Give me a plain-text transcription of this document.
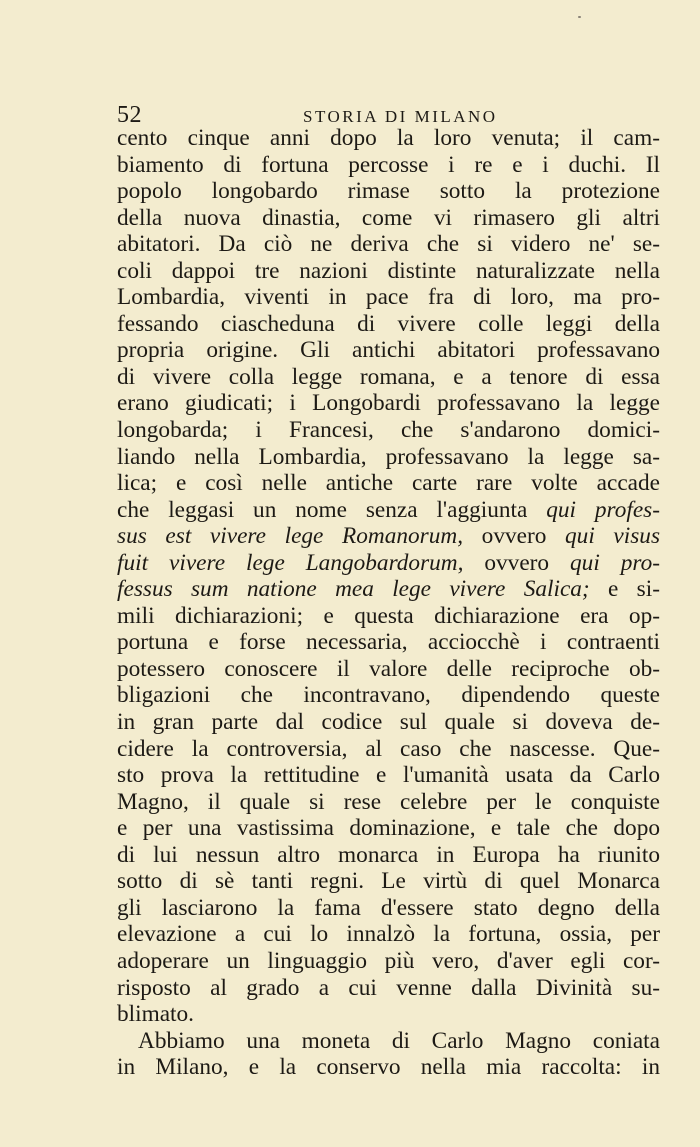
52	STORIA DI MILANO
cento cinque anni dopo la loro venuta; il cam-
biamento di fortuna percosse i re e i duchi. Il
popolo longobardo rimase sotto la protezione
della nuova dinastia, come vi rimasero gli altri
abitatori. Da ciò ne deriva che si videro ne' se-
coli dappoi tre nazioni distinte naturalizzate nella
Lombardia, viventi in pace fra di loro, ma pro-
fessando ciascheduna di vivere colle leggi della
propria origine. Gli antichi abitatori professavano
di vivere colla legge romana, e a tenore di essa
erano giudicati; i Longobardi professavano la legge
longobarda; i Francesi, che s'andarono domici-
liando nella Lombardia, professavano la legge sa-
lica; e così nelle antiche carte rare volte accade
che leggasi un nome senza l'aggiunta qui profes-
sus est vivere lege Romanorum, ovvero qui visus
fuit vivere lege Langobardorum, ovvero qui pro-
fessus sum natione mea lege vivere Salica; e si-
mili dichiarazioni; e questa dichiarazione era op-
portuna e forse necessaria, acciocchè i contraenti
potessero conoscere il valore delle reciproche ob-
bligazioni che incontravano, dipendendo queste
in gran parte dal codice sul quale si doveva de-
cidere la controversia, al caso che nascesse. Que-
sto prova la rettitudine e l'umanità usata da Carlo
Magno, il quale si rese celebre per le conquiste
e per una vastissima dominazione, e tale che dopo
di lui nessun altro monarca in Europa ha riunito
sotto di sè tanti regni. Le virtù di quel Monarca
gli lasciarono la fama d'essere stato degno della
elevazione a cui lo innalzò la fortuna, ossia, per
adoperare un linguaggio più vero, d'aver egli cor-
risposto al grado a cui venne dalla Divinità su-
blimato.
Abbiamo una moneta di Carlo Magno coniata
in Milano, e la conservo nella mia raccolta: in
